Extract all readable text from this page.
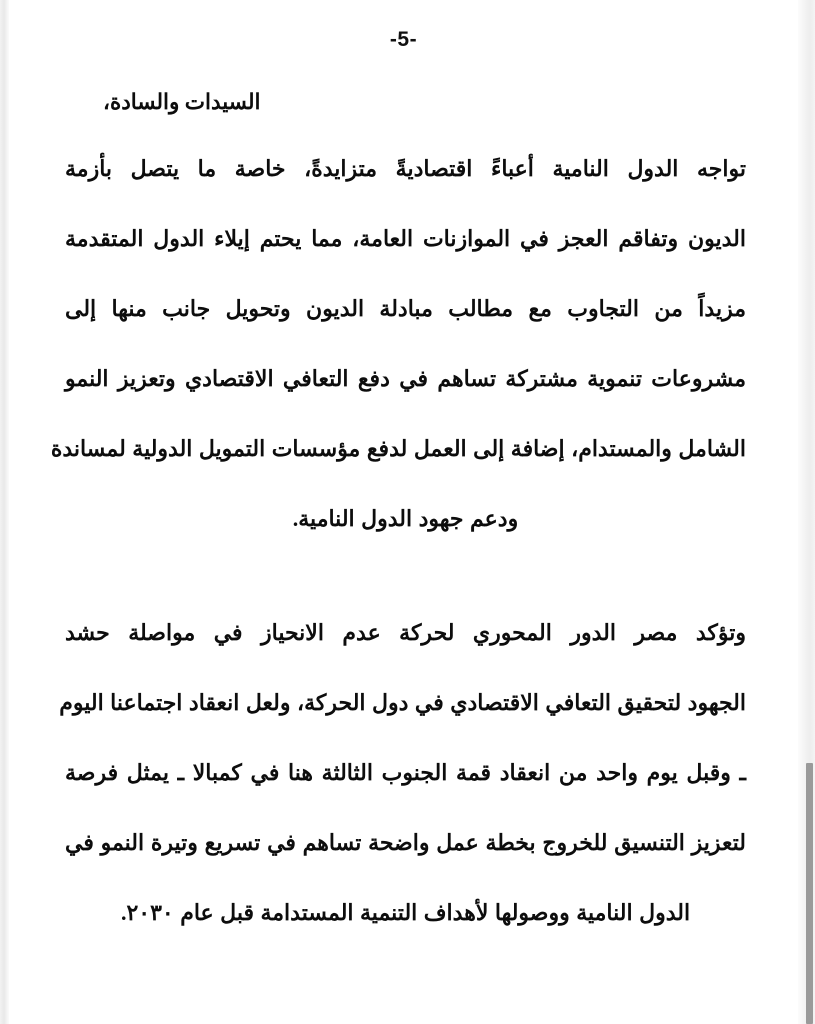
-5-

السيدات والسادة،

تواجه الدول النامية أعباءً اقتصاديةً متزايدةً، خاصة ما يتصل بأزمة
الديون وتفاقم العجز في الموازنات العامة، مما يحتم إيلاء الدول المتقدمة
مزيداً من التجاوب مع مطالب مبادلة الديون وتحويل جانب منها إلى
مشروعات تنموية مشتركة تساهم في دفع التعافي الاقتصادي وتعزيز النمو
الشامل والمستدام، إضافة إلى العمل لدفع مؤسسات التمويل الدولية لمساندة
ودعم جهود الدول النامية.
وتؤكد مصر الدور المحوري لحركة عدم الانحياز في مواصلة حشد
الجهود لتحقيق التعافي الاقتصادي في دول الحركة، ولعل انعقاد اجتماعنا اليوم
ـ وقبل يوم واحد من انعقاد قمة الجنوب الثالثة هنا في كمبالا ـ يمثل فرصة
لتعزيز التنسيق للخروج بخطة عمل واضحة تساهم في تسريع وتيرة النمو في
الدول النامية ووصولها لأهداف التنمية المستدامة قبل عام ٢٠٣٠.
